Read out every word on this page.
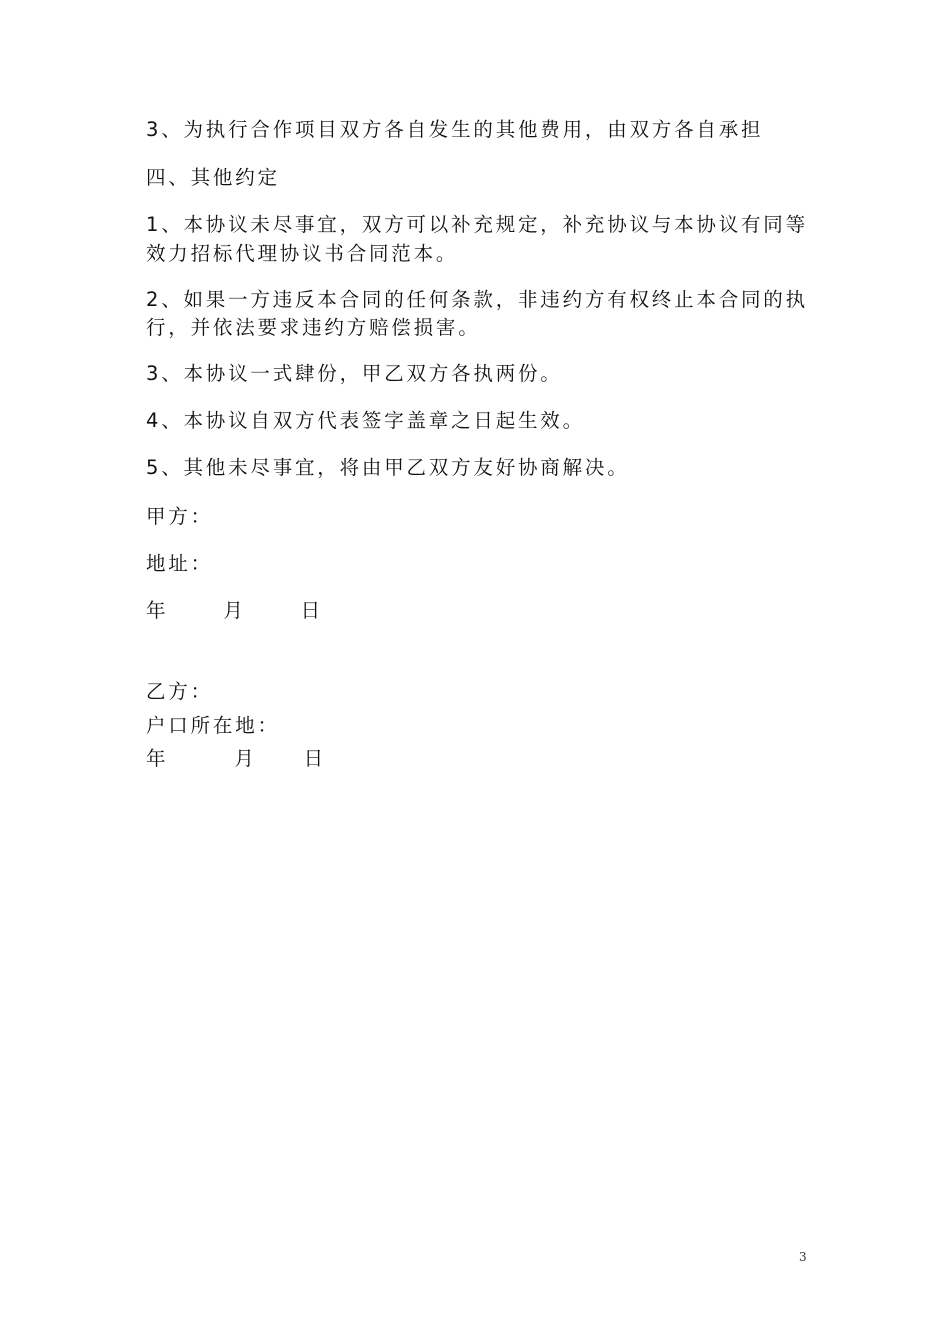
3、为执行合作项目双方各自发生的其他费用，由双方各自承担
四、其他约定
1、本协议未尽事宜，双方可以补充规定，补充协议与本协议有同等
效力招标代理协议书合同范本。
2、如果一方违反本合同的任何条款，非违约方有权终止本合同的执
行，并依法要求违约方赔偿损害。
3、本协议一式肆份，甲乙双方各执两份。
4、本协议自双方代表签字盖章之日起生效。
5、其他未尽事宜，将由甲乙双方友好协商解决。
甲方：
地址：
年	月	日
乙方：
户口所在地：
年	月 日
3
